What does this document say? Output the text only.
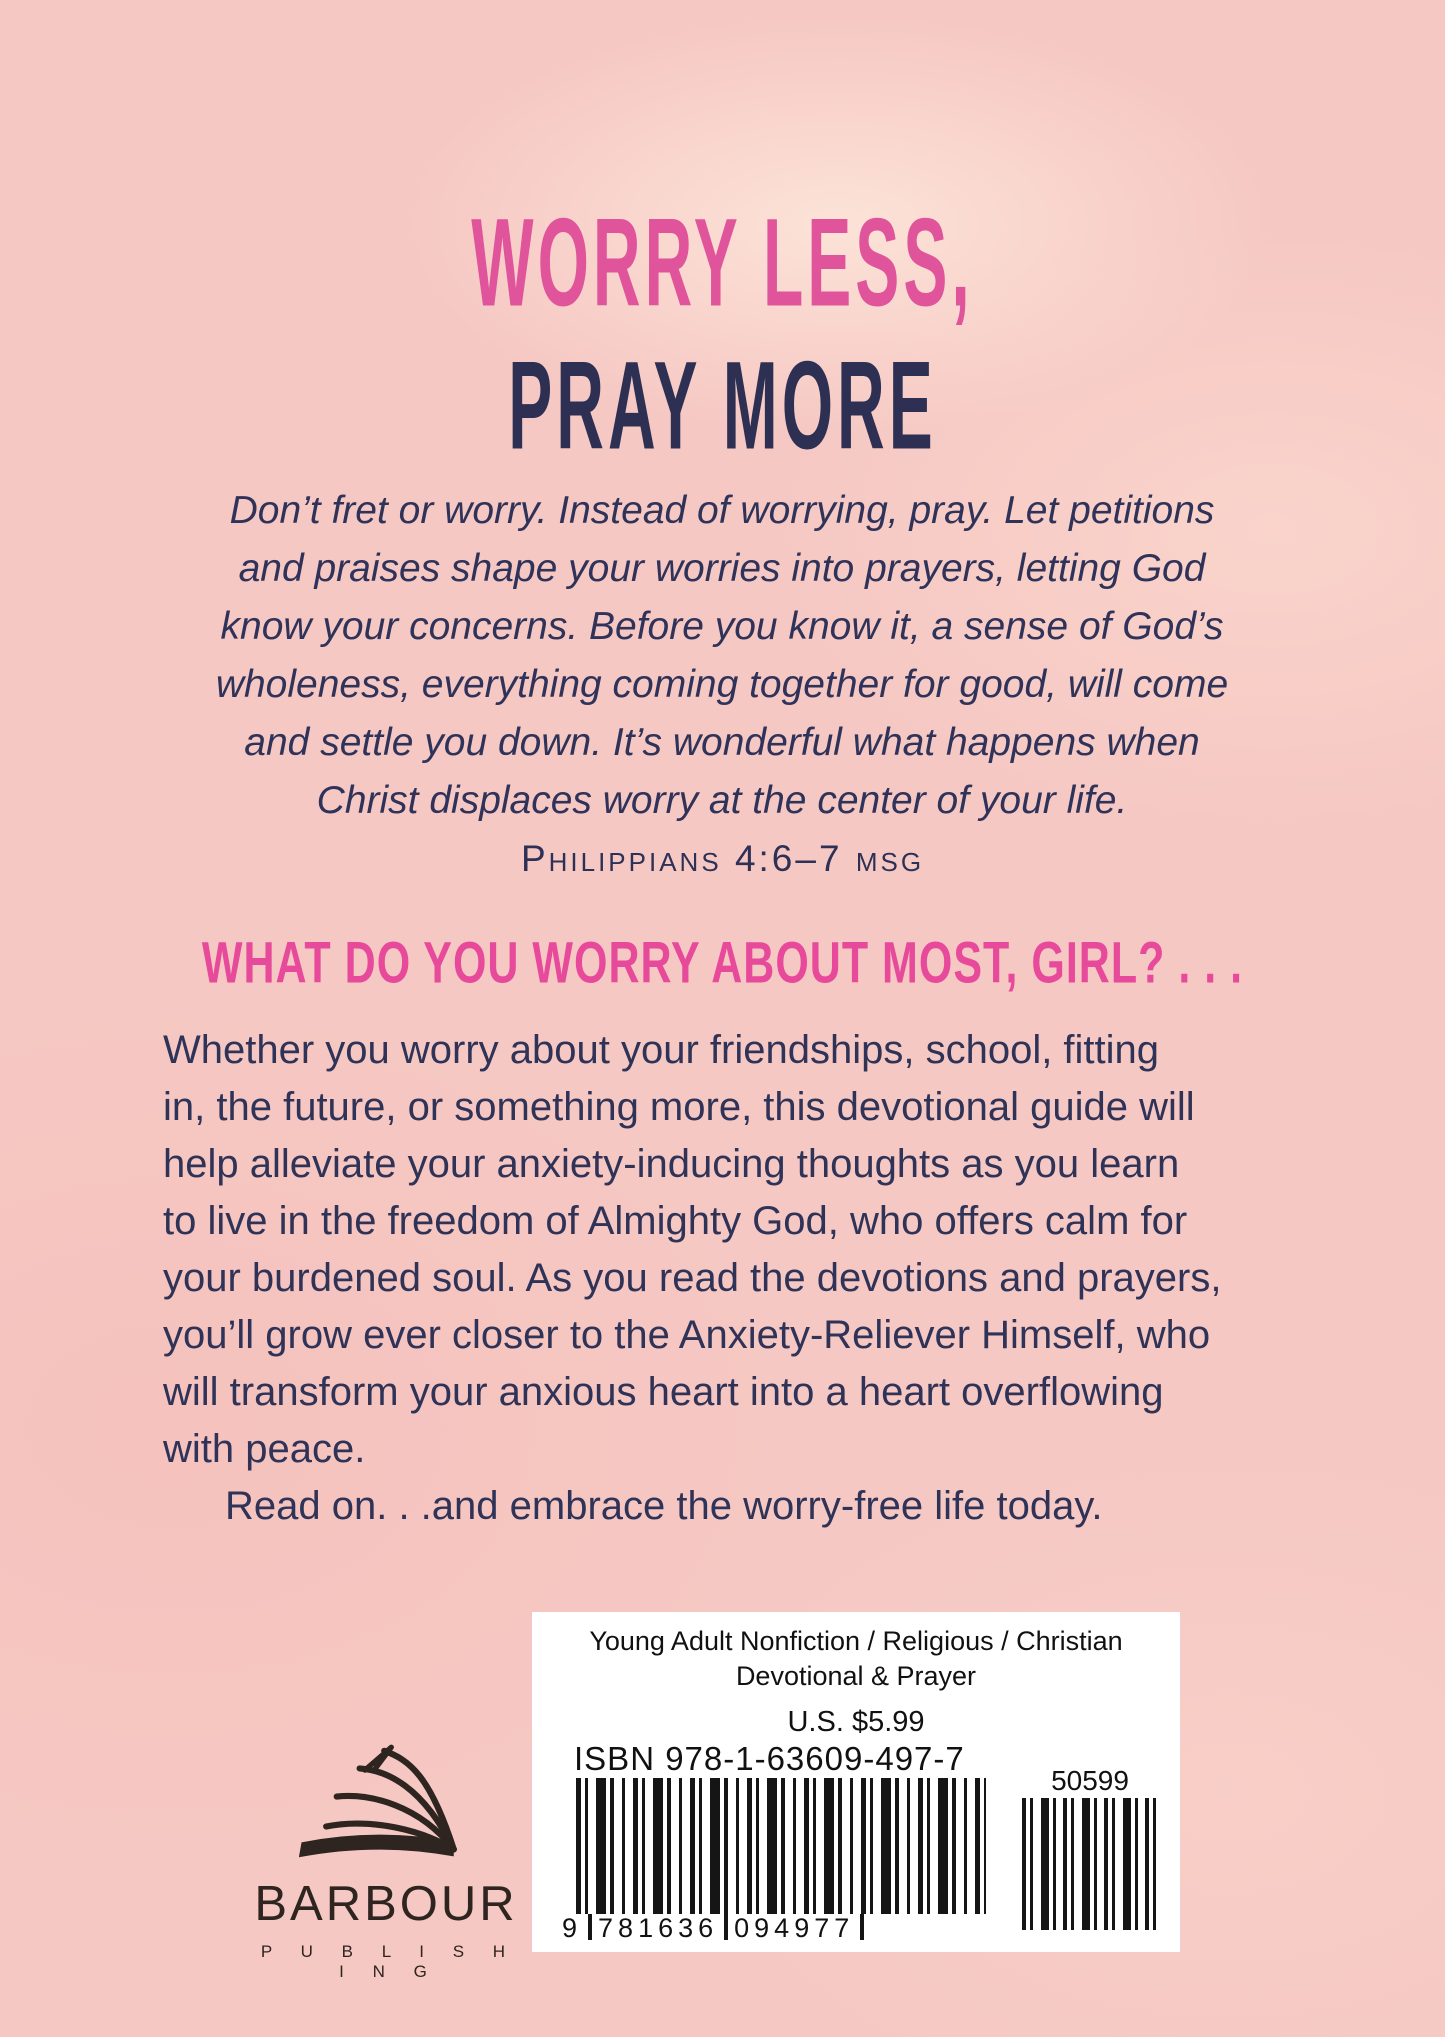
WORRY LESS,
PRAY MORE
Don’t fret or worry. Instead of worrying, pray. Let petitions
and praises shape your worries into prayers, letting God
know your concerns. Before you know it, a sense of God’s
wholeness, everything coming together for good, will come
and settle you down. It’s wonderful what happens when
Christ displaces worry at the center of your life.
Philippians 4:6–7 msg
WHAT DO YOU WORRY ABOUT MOST, GIRL? . . .
Whether you worry about your friendships, school, fitting
in, the future, or something more, this devotional guide will
help alleviate your anxiety-inducing thoughts as you learn
to live in the freedom of Almighty God, who offers calm for
your burdened soul. As you read the devotions and prayers,
you’ll grow ever closer to the Anxiety-Reliever Himself, who
will transform your anxious heart into a heart overflowing
with peace.
Read on. . .and embrace the worry-free life today.
BARBOUR
P U B L I S H I N G
Young Adult Nonfiction / Religious / Christian
Devotional & Prayer
U.S. $5.99
ISBN 978-1-63609-497-7
9 781636 094977
50599
